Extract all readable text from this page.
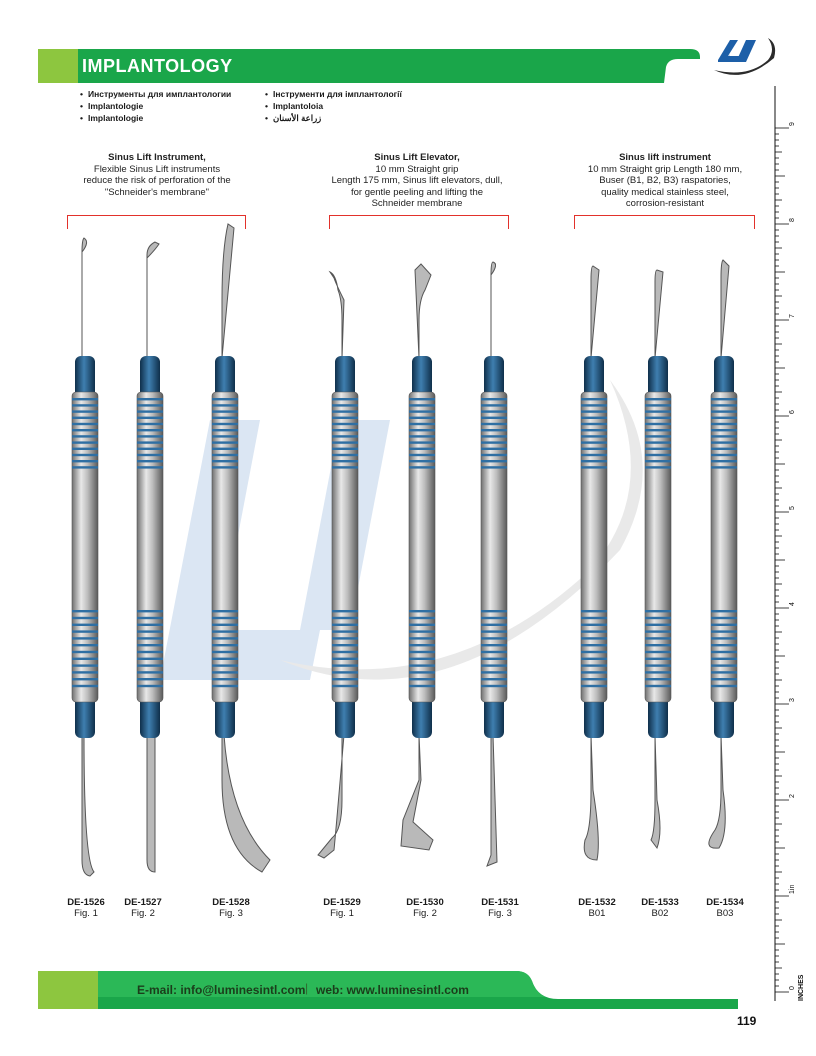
IMPLANTOLOGY	LI
• Инструменты для имплантологии
• Implantologie
• Implantologie
• Інструменти для імплантології
• Implantoloia
• زراعة الأسنان
Sinus Lift Instrument,
Flexible Sinus Lift instruments
reduce the risk of perforation of the
"Schneider's membrane"
Sinus Lift Elevator,
10 mm Straight grip
Length 175 mm, Sinus lift elevators, dull,
for gentle peeling and lifting the
Schneider membrane
Sinus lift instrument
10 mm Straight grip Length 180 mm,
Buser (B1, B2, B3) raspatories,
quality medical stainless steel,
corrosion-resistant
DE-1526
Fig. 1
DE-1527
Fig. 2
DE-1528
Fig. 3
DE-1529
Fig. 1
DE-1530
Fig. 2
DE-1531
Fig. 3
DE-1532
B01
DE-1533
B02
DE-1534
B03
INCHES
0
1in
2
3
4
5
6
7
8
9
E-mail: info@luminesintl.com | web: www.luminesintl.com
119
